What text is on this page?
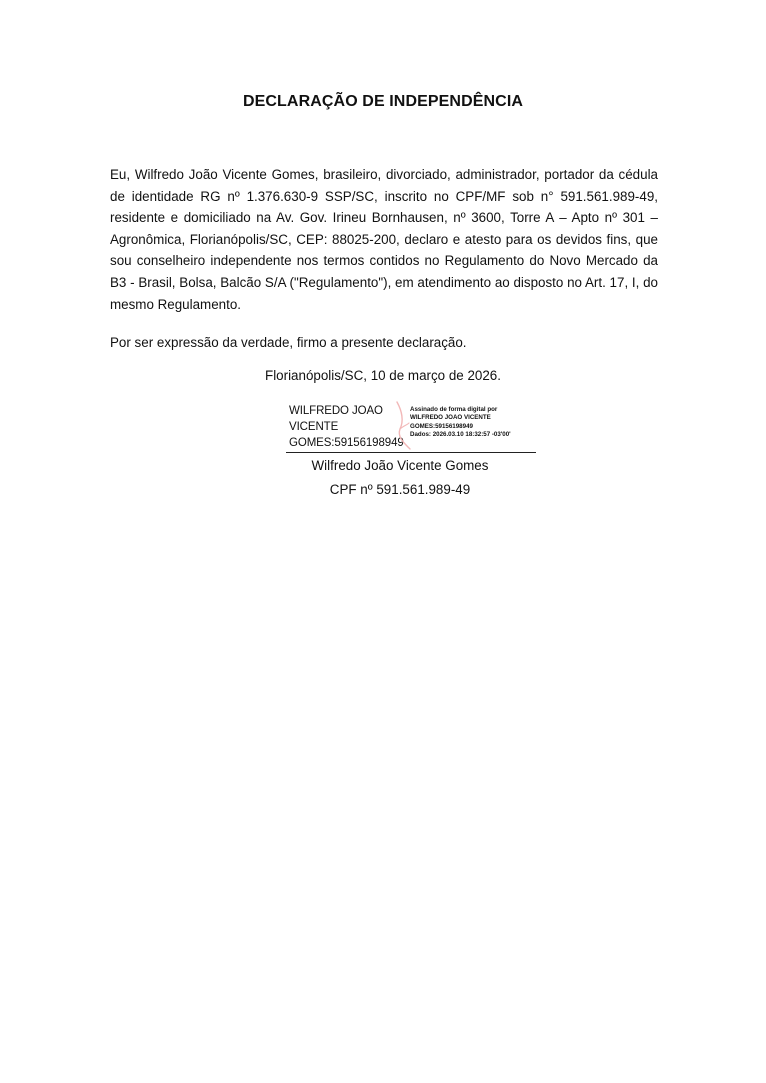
DECLARAÇÃO DE INDEPENDÊNCIA

Eu, Wilfredo João Vicente Gomes, brasileiro, divorciado, administrador, portador da cédula de identidade RG nº 1.376.630-9 SSP/SC, inscrito no CPF/MF sob n° 591.561.989-49, residente e domiciliado na Av. Gov. Irineu Bornhausen, nº 3600, Torre A – Apto nº 301 – Agronômica, Florianópolis/SC, CEP: 88025-200, declaro e atesto para os devidos fins, que sou conselheiro independente nos termos contidos no Regulamento do Novo Mercado da B3 - Brasil, Bolsa, Balcão S/A ("Regulamento"), em atendimento ao disposto no Art. 17, I, do mesmo Regulamento.

Por ser expressão da verdade, firmo a presente declaração.

Florianópolis/SC, 10 de março de 2026.
WILFREDO JOAO
VICENTE
GOMES:59156198949
Assinado de forma digital por
WILFREDO JOAO VICENTE
GOMES:59156198949
Dados: 2026.03.10 18:32:57 -03'00'
Wilfredo João Vicente Gomes
CPF nº 591.561.989-49
